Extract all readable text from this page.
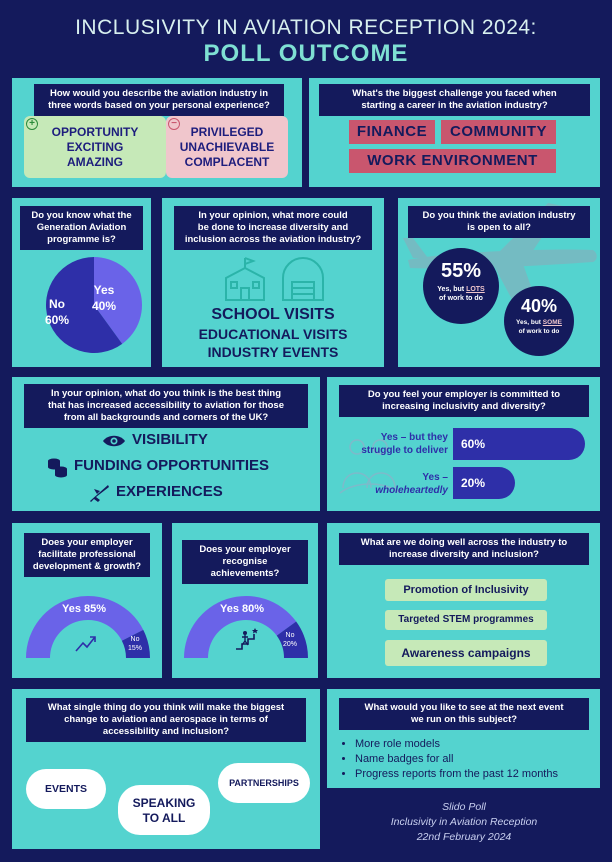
INCLUSIVITY IN AVIATION RECEPTION 2024:
POLL OUTCOME
How would you describe the aviation industry in
three words based on your personal experience?
OPPORTUNITY
EXCITING
AMAZING
+
PRIVILEGED
UNACHIEVABLE
COMPLACENT
−
What's the biggest challenge you faced when
starting a career in the aviation industry?
FINANCE	COMMUNITY
WORK ENVIRONMENT
Do you know what the
Generation Aviation
programme is?
Yes
40%
No
60%
In your opinion, what more could
be done to increase diversity and
inclusion across the aviation industry?
SCHOOL VISITS
EDUCATIONAL VISITS
INDUSTRY EVENTS
Do you think the aviation industry
is open to all?
55%
Yes, but LOTS
of work to do	40%
Yes, but SOME
of work to do
In your opinion, what do you think is the best thing
that has increased accessibility to aviation for those
from all backgrounds and corners of the UK?
VISIBILITY
FUNDING OPPORTUNITIES
EXPERIENCES
Do you feel your employer is committed to
increasing inclusivity and diversity?
Yes – but they
struggle to deliver	60%
Yes –
wholeheartedly
20%
Does your employer
facilitate professional
development & growth?
Yes 85%
No
15%
Does your employer
recognise achievements?
Yes 80%
No
20%
What are we doing well across the industry to
increase diversity and inclusion?
Promotion of Inclusivity
Targeted STEM programmes
Awareness campaigns
What single thing do you think will make the biggest
change to aviation and aerospace in terms of
accessibility and inclusion?
EVENTS
SPEAKING
TO ALL
PARTNERSHIPS
What would you like to see at the next event
we run on this subject?
• More role models
• Name badges for all
• Progress reports from the past 12 months
Slido Poll
Inclusivity in Aviation Reception
22nd February 2024
